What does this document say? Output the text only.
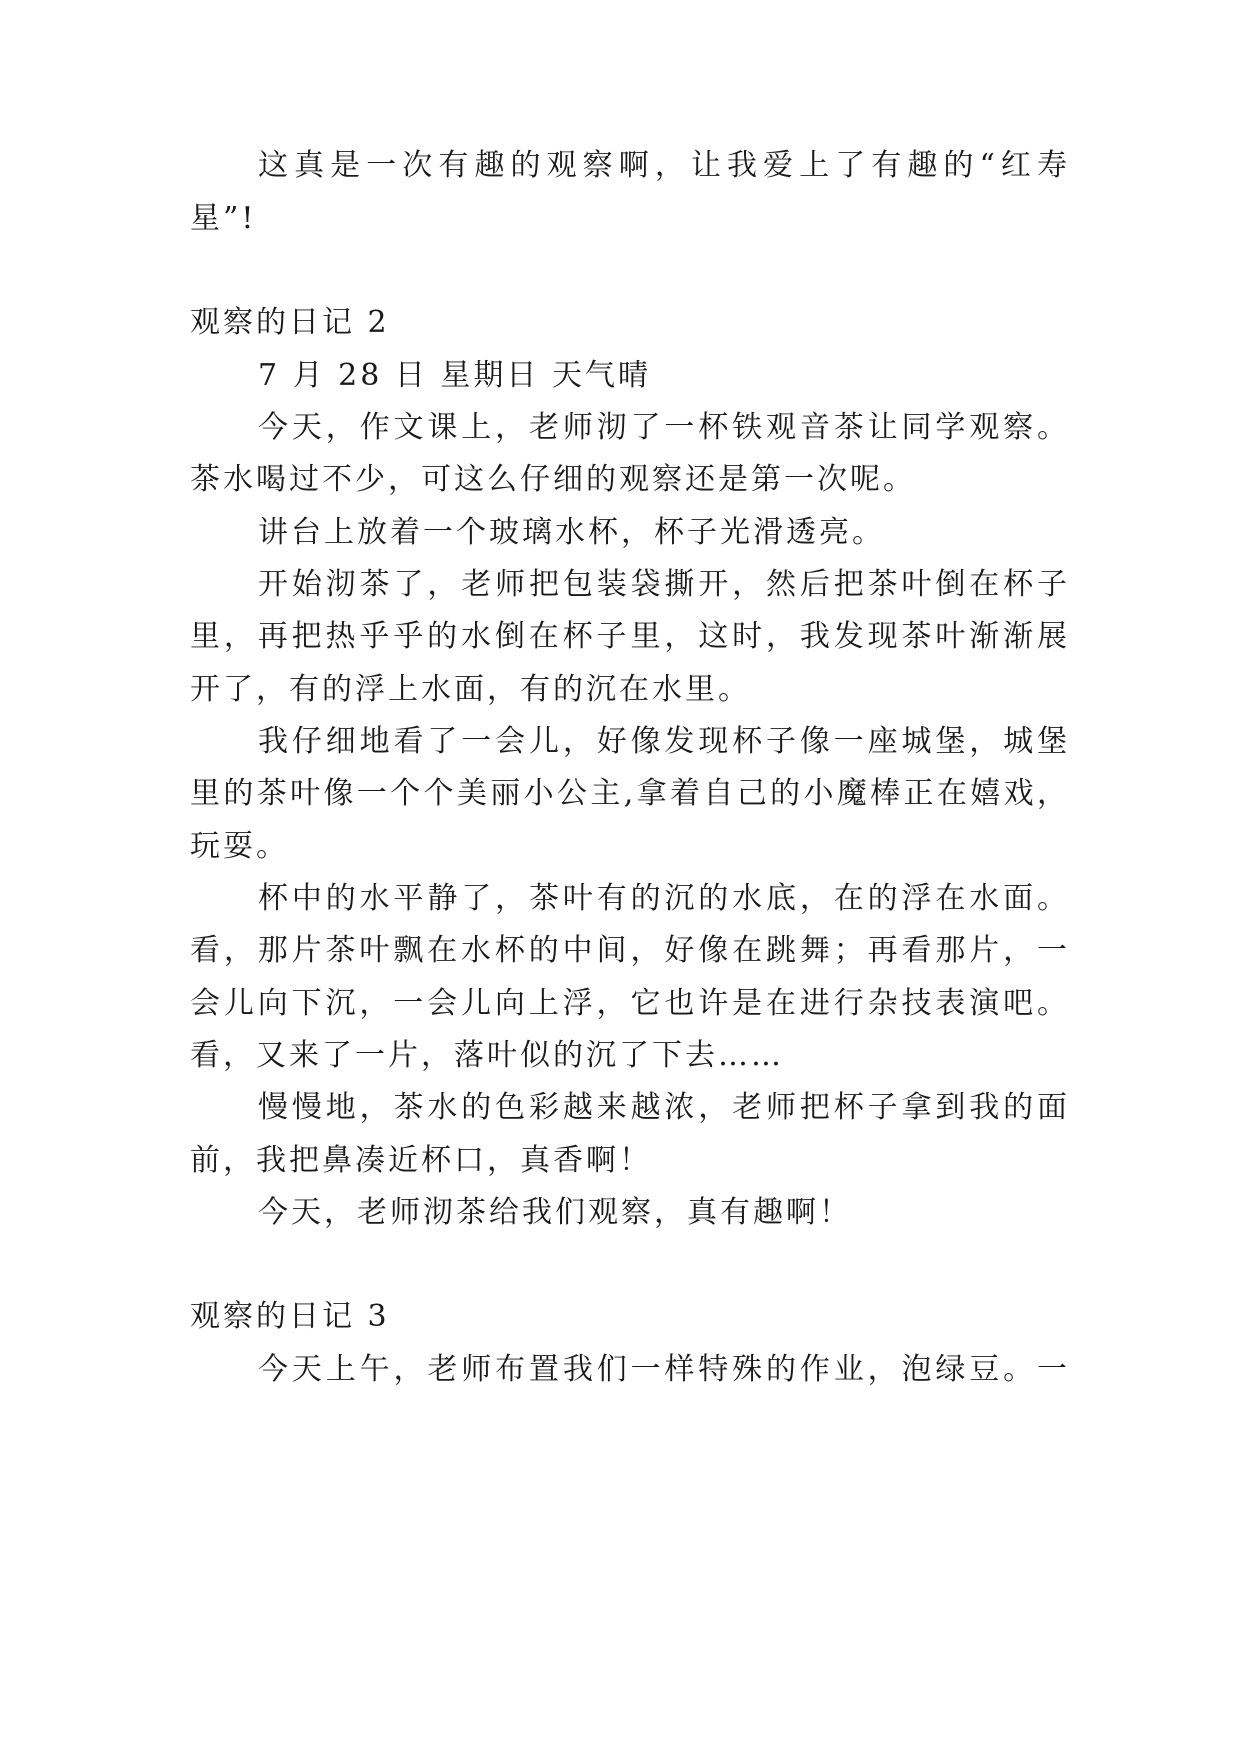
这真是一次有趣的观察啊，让我爱上了有趣的“红寿

星”!

观察的日记 2

7 月 28 日 星期日 天气晴

今天，作文课上，老师沏了一杯铁观音茶让同学观察。

茶水喝过不少，可这么仔细的观察还是第一次呢。

讲台上放着一个玻璃水杯，杯子光滑透亮。

开始沏茶了，老师把包装袋撕开，然后把茶叶倒在杯子

里，再把热乎乎的水倒在杯子里，这时，我发现茶叶渐渐展

开了，有的浮上水面，有的沉在水里。

我仔细地看了一会儿，好像发现杯子像一座城堡，城堡

里的茶叶像一个个美丽小公主,拿着自己的小魔棒正在嬉戏，

玩耍。

杯中的水平静了，茶叶有的沉的水底，在的浮在水面。

看，那片茶叶飘在水杯的中间，好像在跳舞；再看那片，一

会儿向下沉，一会儿向上浮，它也许是在进行杂技表演吧。

看，又来了一片，落叶似的沉了下去……

慢慢地，茶水的色彩越来越浓，老师把杯子拿到我的面

前，我把鼻凑近杯口，真香啊！

今天，老师沏茶给我们观察，真有趣啊！

观察的日记 3

今天上午，老师布置我们一样特殊的作业，泡绿豆。一
